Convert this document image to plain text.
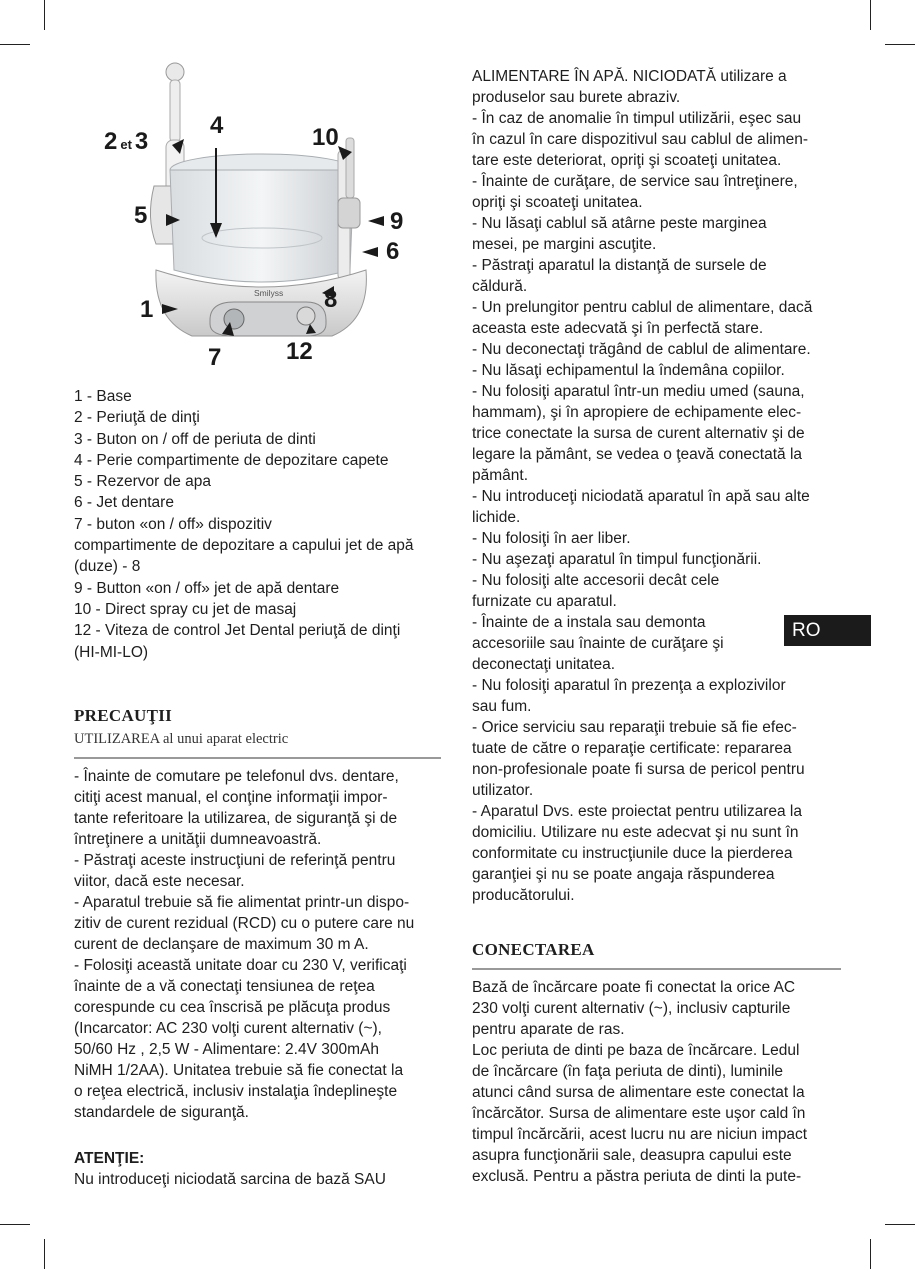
Smilyss
2 et 3
4	10
5	9
6
1	8
7	12
1 - Base
2 - Periuţă de dinţi
3 - Buton on / off de periuta de dinti
4 - Perie compartimente de depozitare capete
5 - Rezervor de apa
6 - Jet dentare
7 - buton «on / off» dispozitiv
compartimente de depozitare a capului jet de apă
(duze) - 8
9 - Button «on / off» jet de apă dentare
10 - Direct spray cu jet de masaj
12 - Viteza de control Jet Dental periuţă de dinţi
(HI-MI-LO)
PRECAUŢII
UTILIZAREA al unui aparat electric

- Înainte de comutare pe telefonul dvs. dentare,

citiţi acest manual, el conţine informaţii impor-

tante referitoare la utilizarea, de siguranţă şi de

întreţinere a unităţii dumneavoastră.

- Păstraţi aceste instrucţiuni de referinţă pentru

viitor, dacă este necesar.

- Aparatul trebuie să fie alimentat printr-un dispo-

zitiv de curent rezidual (RCD) cu o putere care nu

curent de declanşare de maximum 30 m A.

- Folosiţi această unitate doar cu 230 V, verificaţi

înainte de a vă conectaţi tensiunea de reţea

corespunde cu cea înscrisă pe plăcuţa produs

(Incarcator: AC 230 volţi curent alternativ (~),

50/60 Hz , 2,5 W - Alimentare: 2.4V 300mAh

NiMH 1/2AA). Unitatea trebuie să fie conectat la

o reţea electrică, inclusiv instalaţia îndeplineşte

standardele de siguranţă.

ATENŢIE:
Nu introduceţi niciodată sarcina de bază SAU

ALIMENTARE ÎN APĂ. NICIODATĂ utilizare a

produselor sau burete abraziv.

- În caz de anomalie în timpul utilizării, eşec sau

în cazul în care dispozitivul sau cablul de alimen-

tare este deteriorat, opriţi şi scoateţi unitatea.

- Înainte de curăţare, de service sau întreţinere,

opriţi şi scoateţi unitatea.

- Nu lăsaţi cablul să atârne peste marginea

mesei, pe margini ascuţite.

- Păstraţi aparatul la distanţă de sursele de

căldură.

- Un prelungitor pentru cablul de alimentare, dacă

aceasta este adecvată şi în perfectă stare.

- Nu deconectaţi trăgând de cablul de alimentare.

- Nu lăsaţi echipamentul la îndemâna copiilor.

- Nu folosiţi aparatul într-un mediu umed (sauna,

hammam), şi în apropiere de echipamente elec-

trice conectate la sursa de curent alternativ şi de

legare la pământ, se vedea o ţeavă conectată la

pământ.

- Nu introduceţi niciodată aparatul în apă sau alte

lichide.

- Nu folosiţi în aer liber.

- Nu aşezaţi aparatul în timpul funcţionării.

- Nu folosiţi alte accesorii decât cele

furnizate cu aparatul.

- Înainte de a instala sau demonta

accesoriile sau înainte de curăţare şi

deconectaţi unitatea.

- Nu folosiţi aparatul în prezenţa a explozivilor

sau fum.

- Orice serviciu sau reparaţii trebuie să fie efec-

tuate de către o reparaţie certificate: repararea

non-profesionale poate fi sursa de pericol pentru

utilizator.

- Aparatul Dvs. este proiectat pentru utilizarea la

domiciliu. Utilizare nu este adecvat şi nu sunt în

conformitate cu instrucţiunile duce la pierderea

garanţiei şi nu se poate angaja răspunderea

producătorului.

RO
CONECTAREA

Bază de încărcare poate fi conectat la orice AC

230 volţi curent alternativ (~), inclusiv capturile

pentru aparate de ras.

Loc periuta de dinti pe baza de încărcare. Ledul

de încărcare (în faţa periuta de dinti), luminile

atunci când sursa de alimentare este conectat la

încărcător. Sursa de alimentare este uşor cald în

timpul încărcării, acest lucru nu are niciun impact

asupra funcţionării sale, deasupra capului este

exclusă. Pentru a păstra periuta de dinti la pute-
